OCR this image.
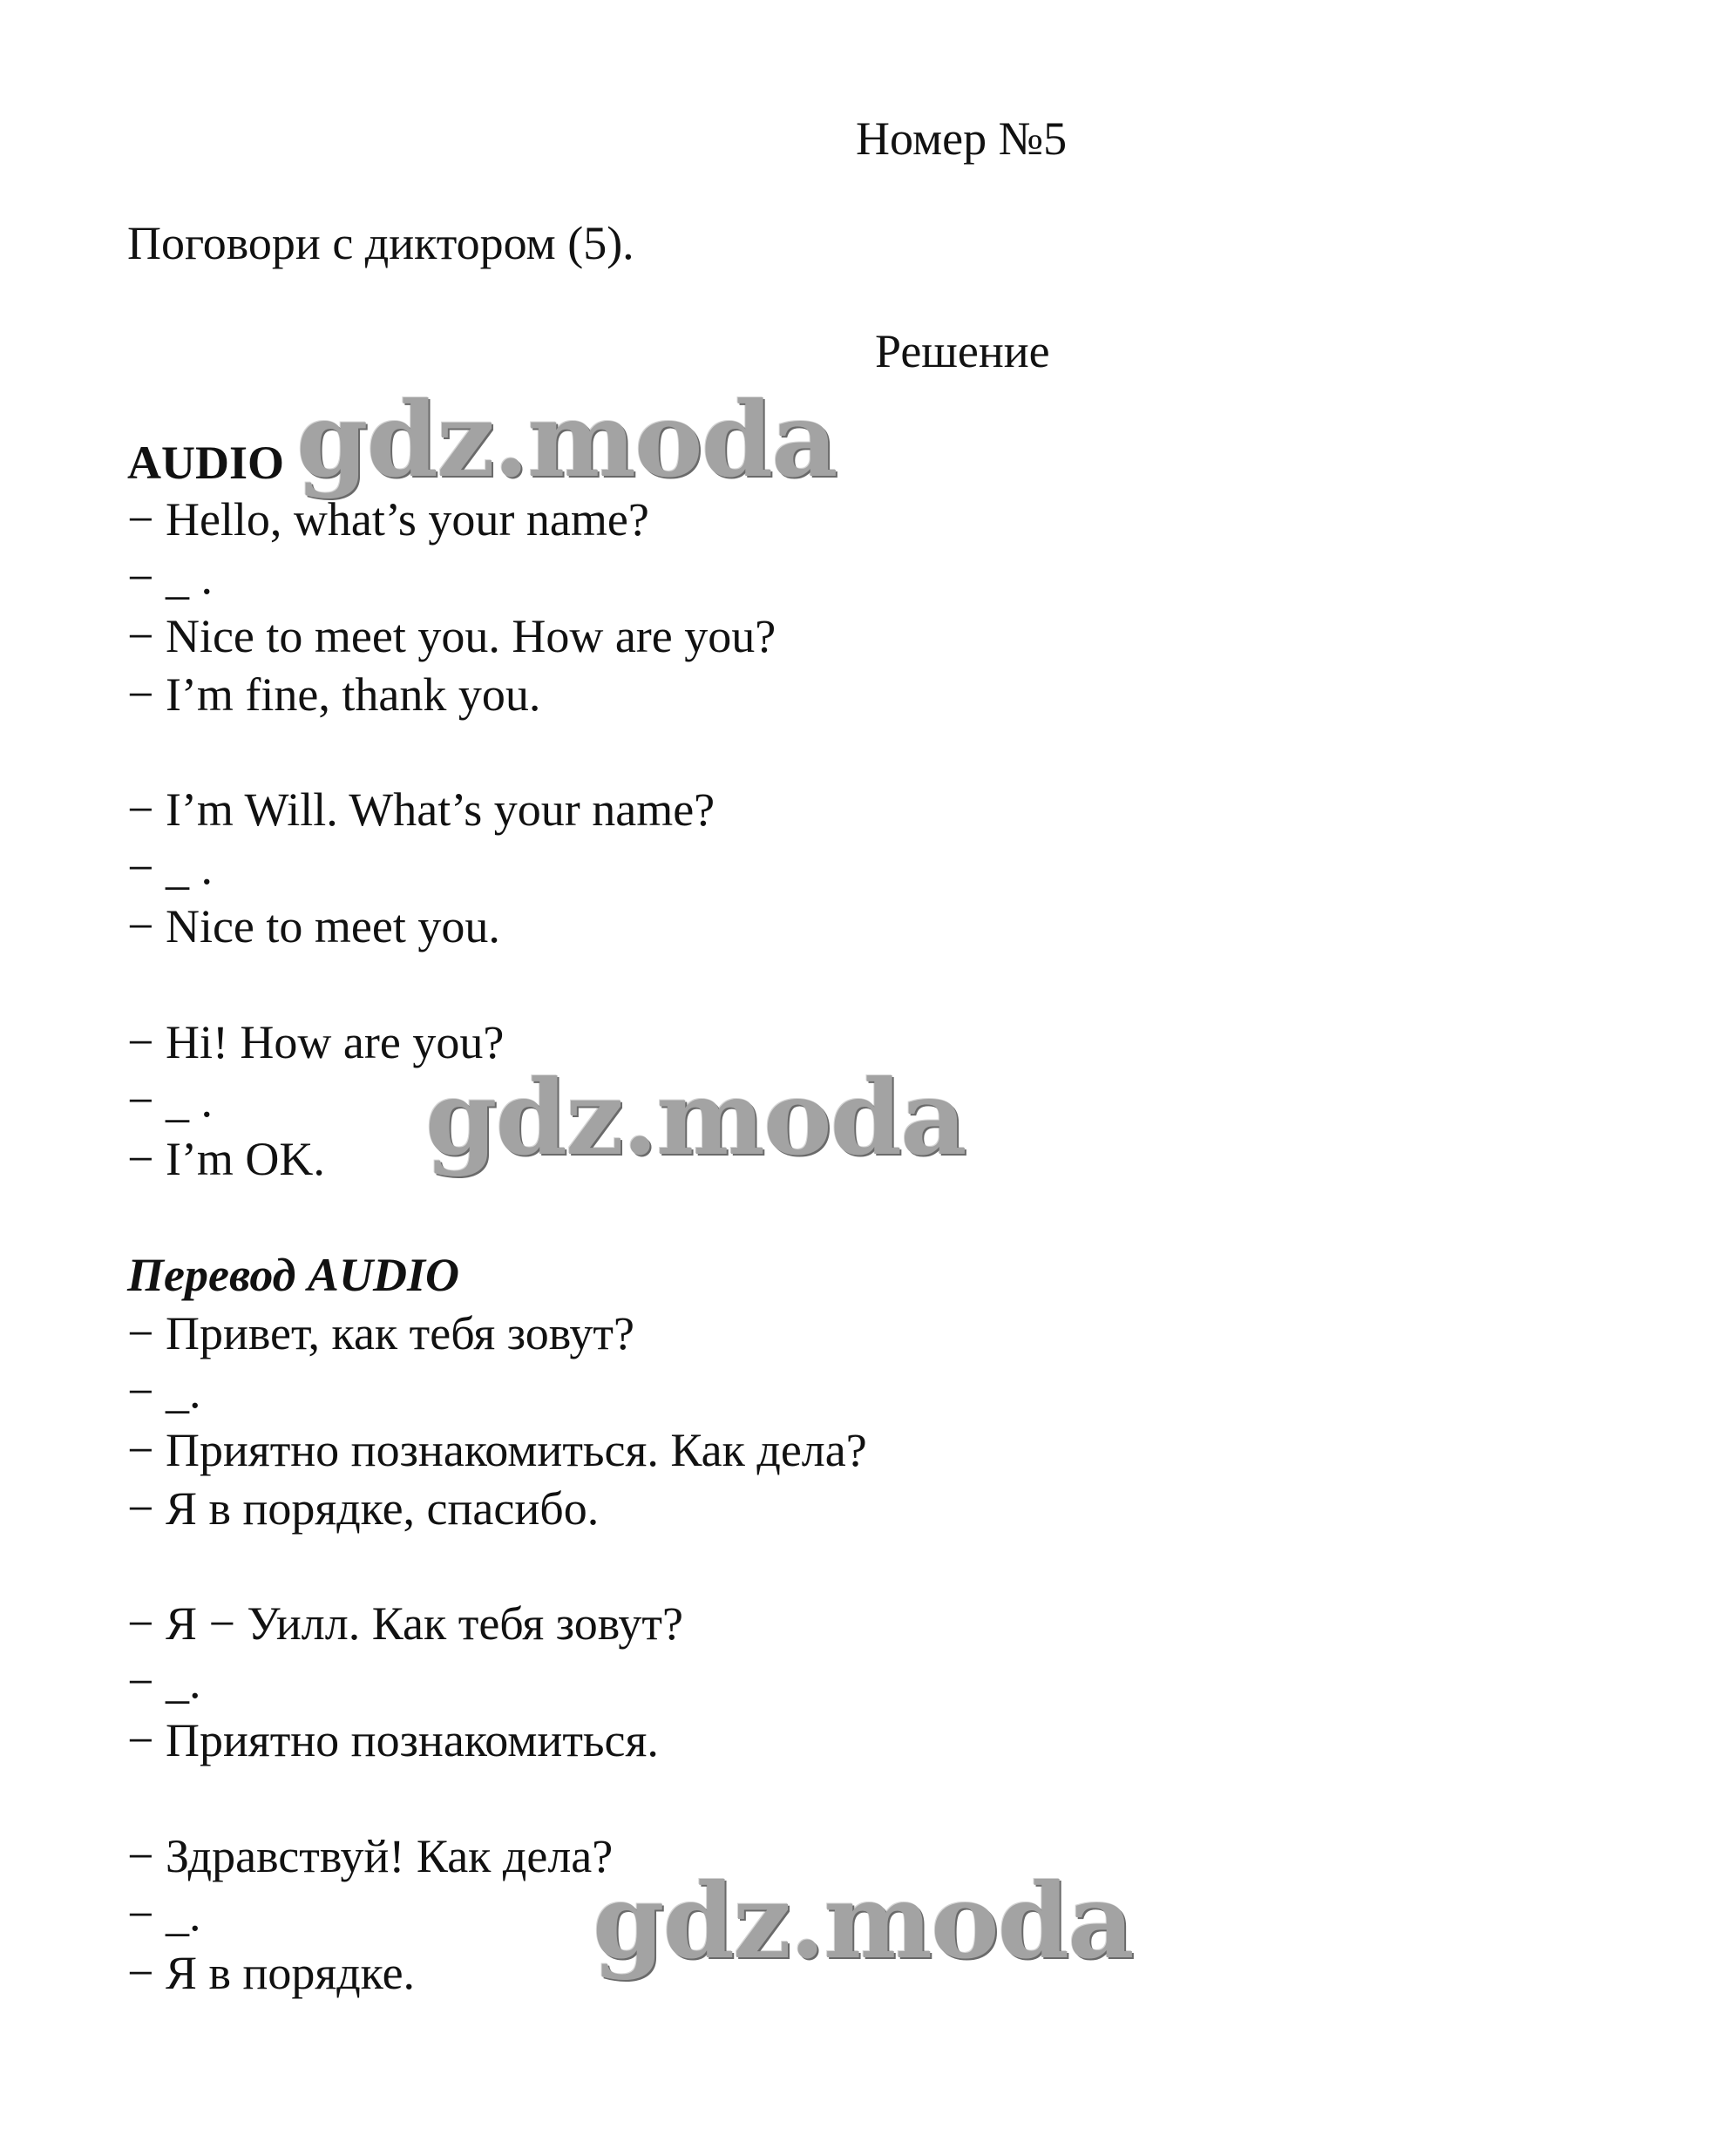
Номер №5
Поговори с диктором (5).
Решение
AUDIO
− Hello, what’s your name?
− _ .
− Nice to meet you. How are you?
− I’m fine, thank you.
− I’m Will. What’s your name?
− _ .
− Nice to meet you.
− Hi! How are you?
− _ .
− I’m OK.
Перевод AUDIO
− Привет, как тебя зовут?
− _.
− Приятно познакомиться. Как дела?
− Я в порядке, спасибо.
− Я − Уилл. Как тебя зовут?
− _.
− Приятно познакомиться.
− Здравствуй! Как дела?
− _.
− Я в порядке.
gdz.moda
gdz.moda
gdz.moda
